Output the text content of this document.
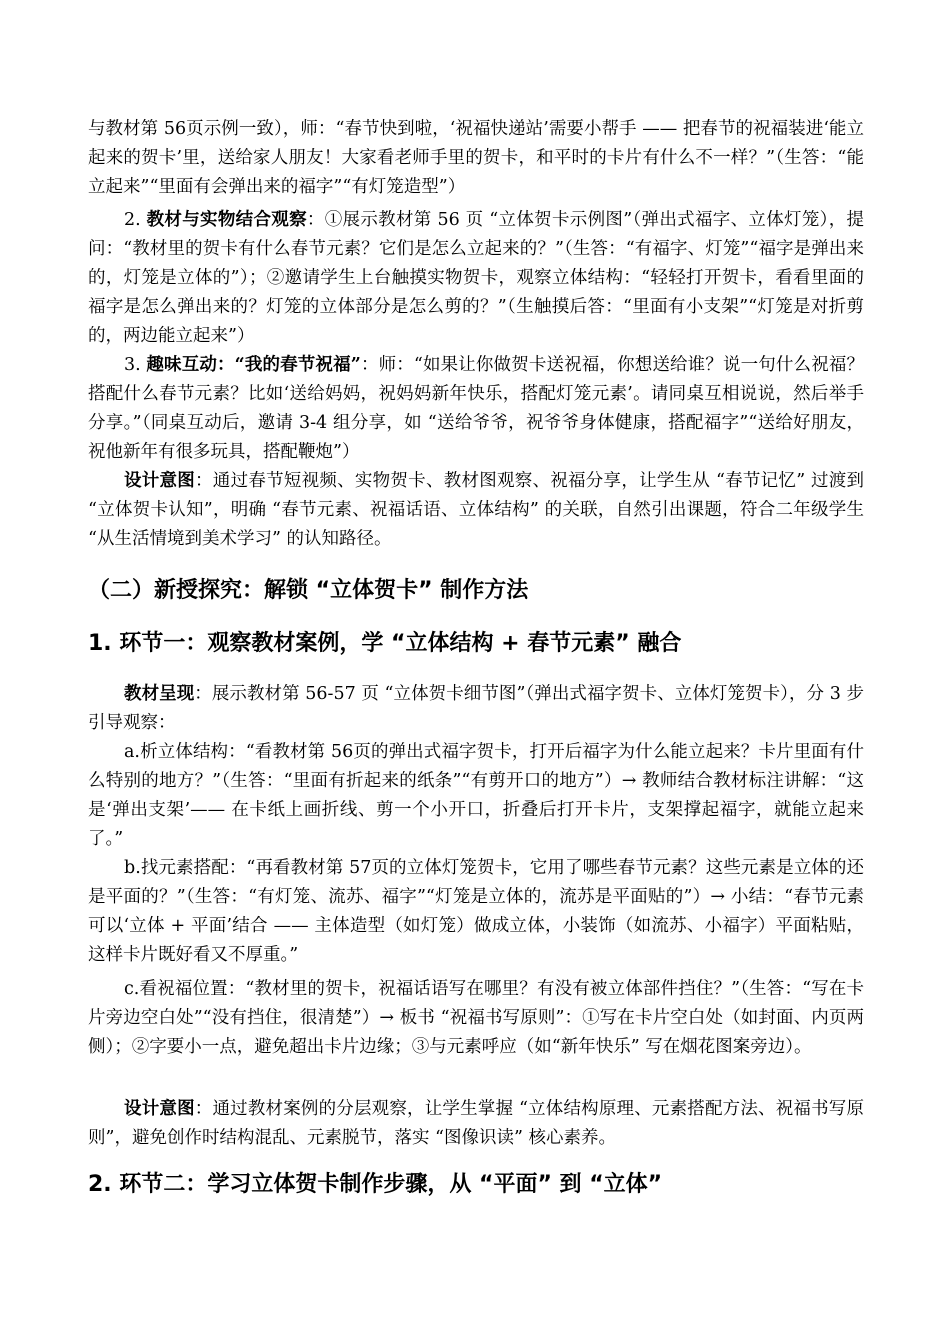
与教材第 56页示例一致），师：“春节快到啦，‘祝福快递站’需要小帮手 —— 把春节的祝福装进‘能立起来的贺卡’里，送给家人朋友！大家看老师手里的贺卡，和平时的卡片有什么不一样？”（生答：“能立起来”“里面有会弹出来的福字”“有灯笼造型”）

2. 教材与实物结合观察：①展示教材第 56 页 “立体贺卡示例图”（弹出式福字、立体灯笼），提问：“教材里的贺卡有什么春节元素？它们是怎么立起来的？”（生答：“有福字、灯笼”“福字是弹出来的，灯笼是立体的”）；②邀请学生上台触摸实物贺卡，观察立体结构：“轻轻打开贺卡，看看里面的福字是怎么弹出来的？灯笼的立体部分是怎么剪的？”（生触摸后答：“里面有小支架”“灯笼是对折剪的，两边能立起来”）

3. 趣味互动：“我的春节祝福”：师：“如果让你做贺卡送祝福，你想送给谁？说一句什么祝福？搭配什么春节元素？比如‘送给妈妈，祝妈妈新年快乐，搭配灯笼元素’。请同桌互相说说，然后举手分享。”（同桌互动后，邀请 3-4 组分享，如 “送给爷爷，祝爷爷身体健康，搭配福字”“送给好朋友，祝他新年有很多玩具，搭配鞭炮”）

设计意图：通过春节短视频、实物贺卡、教材图观察、祝福分享，让学生从 “春节记忆” 过渡到 “立体贺卡认知”，明确 “春节元素、祝福话语、立体结构” 的关联，自然引出课题，符合二年级学生 “从生活情境到美术学习” 的认知路径。

（二）新授探究：解锁 “立体贺卡” 制作方法
1. 环节一：观察教材案例，学 “立体结构 + 春节元素” 融合

教材呈现：展示教材第 56-57 页 “立体贺卡细节图”（弹出式福字贺卡、立体灯笼贺卡），分 3 步引导观察：

a.析立体结构：“看教材第 56页的弹出式福字贺卡，打开后福字为什么能立起来？卡片里面有什么特别的地方？”（生答：“里面有折起来的纸条”“有剪开口的地方”）→ 教师结合教材标注讲解：“这是‘弹出支架’—— 在卡纸上画折线、剪一个小开口，折叠后打开卡片，支架撑起福字，就能立起来了。”

b.找元素搭配：“再看教材第 57页的立体灯笼贺卡，它用了哪些春节元素？这些元素是立体的还是平面的？”（生答：“有灯笼、流苏、福字”“灯笼是立体的，流苏是平面贴的”）→ 小结：“春节元素可以‘立体 + 平面’结合 —— 主体造型（如灯笼）做成立体，小装饰（如流苏、小福字）平面粘贴，这样卡片既好看又不厚重。”

c.看祝福位置：“教材里的贺卡，祝福话语写在哪里？有没有被立体部件挡住？”（生答：“写在卡片旁边空白处”“没有挡住，很清楚”）→ 板书 “祝福书写原则”：①写在卡片空白处（如封面、内页两侧）；②字要小一点，避免超出卡片边缘；③与元素呼应（如“新年快乐” 写在烟花图案旁边）。

设计意图：通过教材案例的分层观察，让学生掌握 “立体结构原理、元素搭配方法、祝福书写原则”，避免创作时结构混乱、元素脱节，落实 “图像识读” 核心素养。

2. 环节二：学习立体贺卡制作步骤，从 “平面” 到 “立体”
